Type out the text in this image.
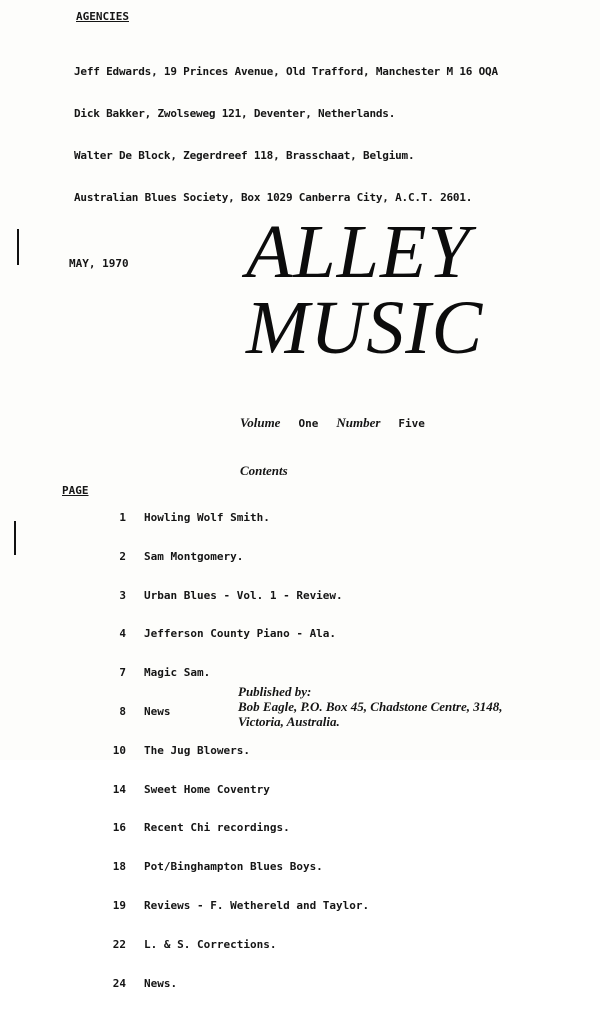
AGENCIES

Jeff Edwards, 19 Princes Avenue, Old Trafford, Manchester M 16 OQA

Dick Bakker, Zwolseweg 121, Deventer, Netherlands.

Walter De Block, Zegerdreef 118, Brasschaat, Belgium.

Australian Blues Society, Box 1029 Canberra City, A.C.T. 2601.

MAY, 1970 ALLEY
MUSIC
Volume One Number Five
Contents
PAGE

1 Howling Wolf Smith.

2 Sam Montgomery.

3 Urban Blues - Vol. 1 - Review.

4 Jefferson County Piano - Ala.

7 Magic Sam.

8 News

10 The Jug Blowers.

14 Sweet Home Coventry

16 Recent Chi recordings.

18 Pot/Binghampton Blues Boys.

19 Reviews - F. Wethereld and Taylor.

22 L. & S. Corrections.

24 News.

Published by:
Bob Eagle, P.O. Box 45, Chadstone Centre, 3148,
Victoria, Australia.
